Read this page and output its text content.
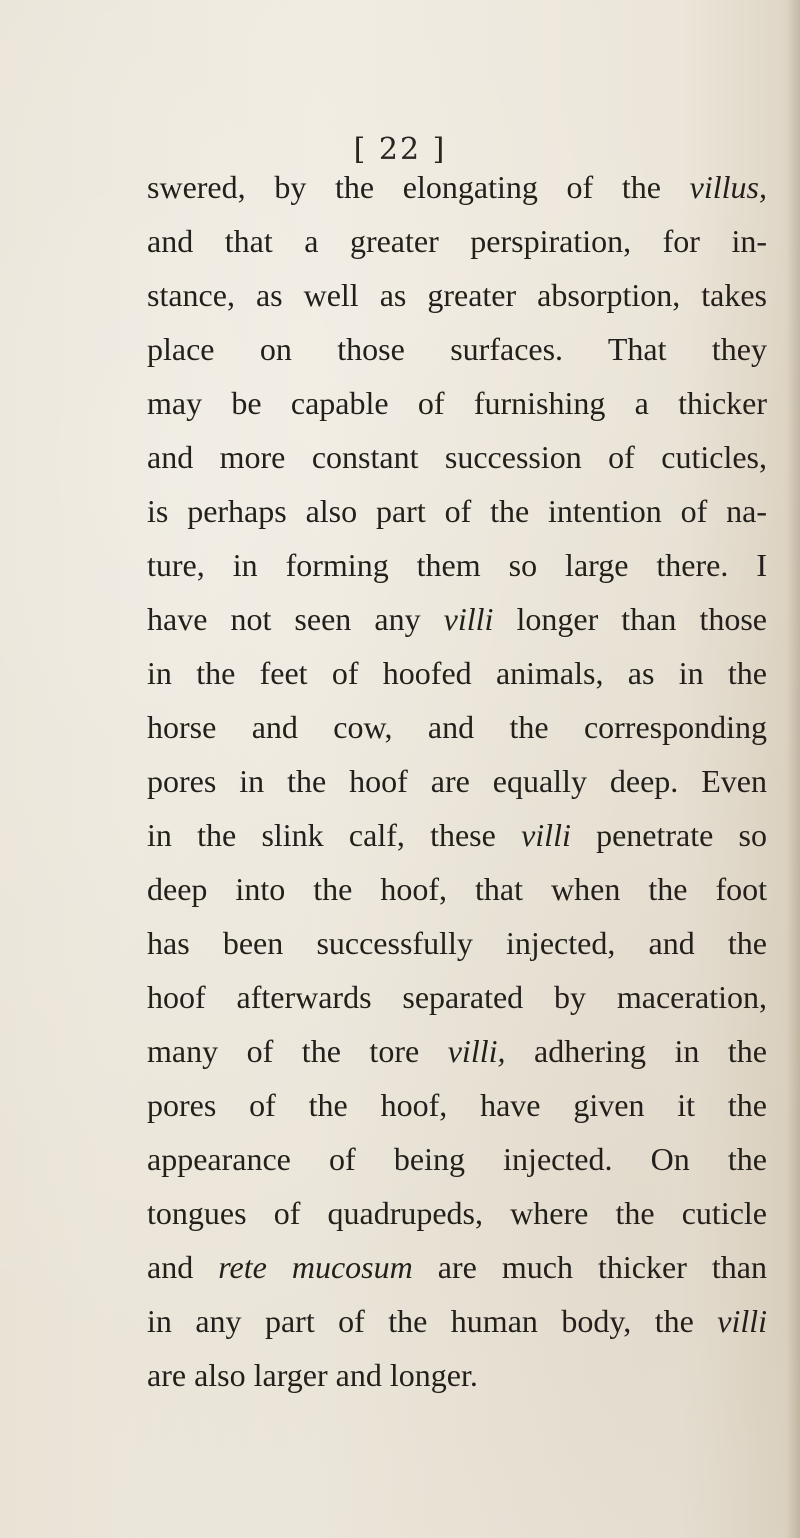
[ 22 ]
swered, by the elongating of the villus,
and that a greater perspiration, for in-
stance, as well as greater absorption, takes
place on those surfaces. That they
may be capable of furnishing a thicker
and more constant succession of cuticles,
is perhaps also part of the intention of na-
ture, in forming them so large there. I
have not seen any villi longer than those
in the feet of hoofed animals, as in the
horse and cow, and the corresponding
pores in the hoof are equally deep. Even
in the slink calf, these villi penetrate so
deep into the hoof, that when the foot
has been successfully injected, and the
hoof afterwards separated by maceration,
many of the tore villi, adhering in the
pores of the hoof, have given it the
appearance of being injected. On the
tongues of quadrupeds, where the cuticle
and rete mucosum are much thicker than
in any part of the human body, the villi
are also larger and longer.
